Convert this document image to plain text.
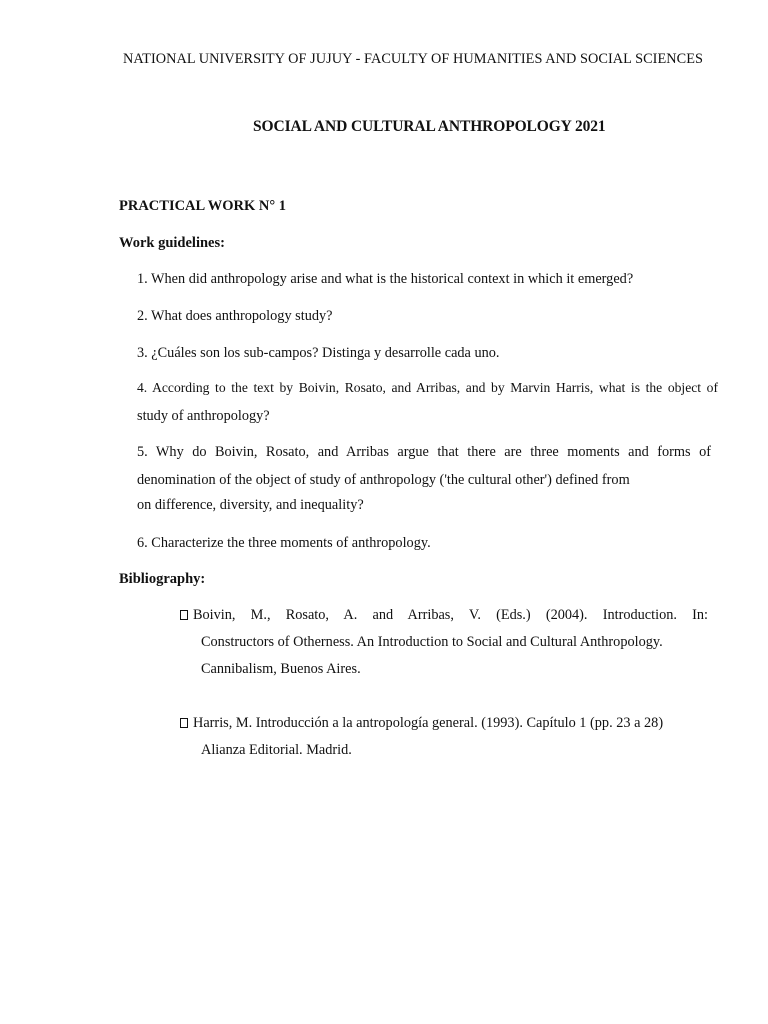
NATIONAL UNIVERSITY OF JUJUY - FACULTY OF HUMANITIES AND SOCIAL SCIENCES
SOCIAL AND CULTURAL ANTHROPOLOGY 2021
PRACTICAL WORK N° 1
Work guidelines:
1. When did anthropology arise and what is the historical context in which it emerged?
2. What does anthropology study?
3. ¿Cuáles son los sub-campos? Distinga y desarrolle cada uno.
4. According to the text by Boivin, Rosato, and Arribas, and by Marvin Harris, what is the object of
study of anthropology?
5. Why do Boivin, Rosato, and Arribas argue that there are three moments and forms of
denomination of the object of study of anthropology ('the cultural other') defined from
on difference, diversity, and inequality?
6. Characterize the three moments of anthropology.
Bibliography:
Boivin, M., Rosato, A. and Arribas, V. (Eds.) (2004). Introduction. In:
Constructors of Otherness. An Introduction to Social and Cultural Anthropology.
Cannibalism, Buenos Aires.
Harris, M. Introducción a la antropología general. (1993). Capítulo 1 (pp. 23 a 28)
Alianza Editorial. Madrid.
